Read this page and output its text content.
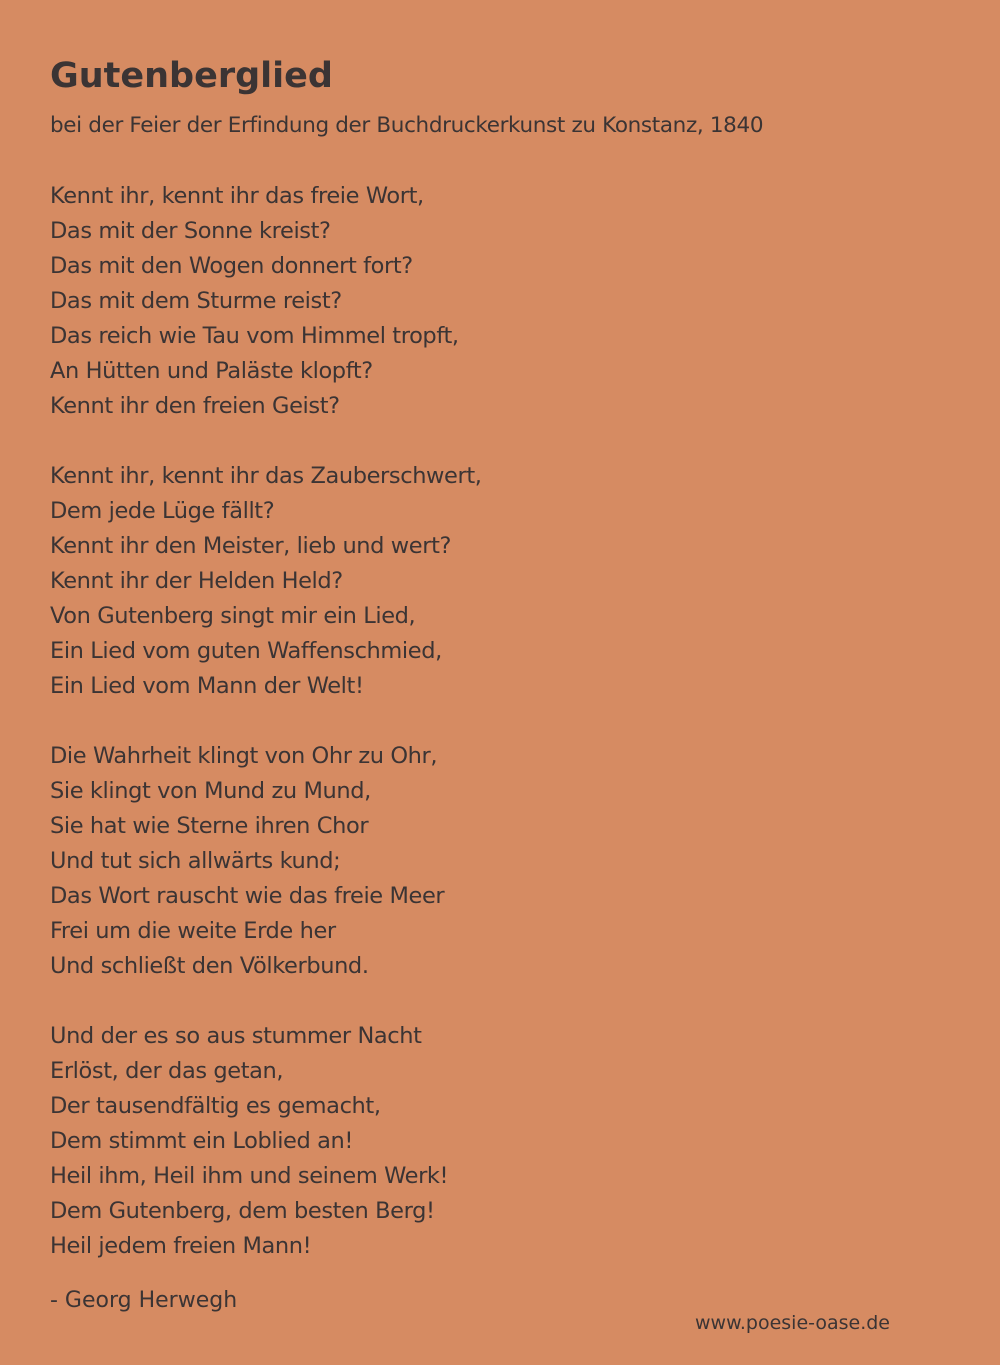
Gutenberglied

bei der Feier der Erfindung der Buchdruckerkunst zu Konstanz, 1840

Kennt ihr, kennt ihr das freie Wort,
Das mit der Sonne kreist?
Das mit den Wogen donnert fort?
Das mit dem Sturme reist?
Das reich wie Tau vom Himmel tropft,
An Hütten und Paläste klopft?
Kennt ihr den freien Geist?
Kennt ihr, kennt ihr das Zauberschwert,
Dem jede Lüge fällt?
Kennt ihr den Meister, lieb und wert?
Kennt ihr der Helden Held?
Von Gutenberg singt mir ein Lied,
Ein Lied vom guten Waffenschmied,
Ein Lied vom Mann der Welt!
Die Wahrheit klingt von Ohr zu Ohr,
Sie klingt von Mund zu Mund,
Sie hat wie Sterne ihren Chor
Und tut sich allwärts kund;
Das Wort rauscht wie das freie Meer
Frei um die weite Erde her
Und schließt den Völkerbund.
Und der es so aus stummer Nacht
Erlöst, der das getan,
Der tausendfältig es gemacht,
Dem stimmt ein Loblied an!
Heil ihm, Heil ihm und seinem Werk!
Dem Gutenberg, dem besten Berg!
Heil jedem freien Mann!
- Georg Herwegh
www.poesie-oase.de
